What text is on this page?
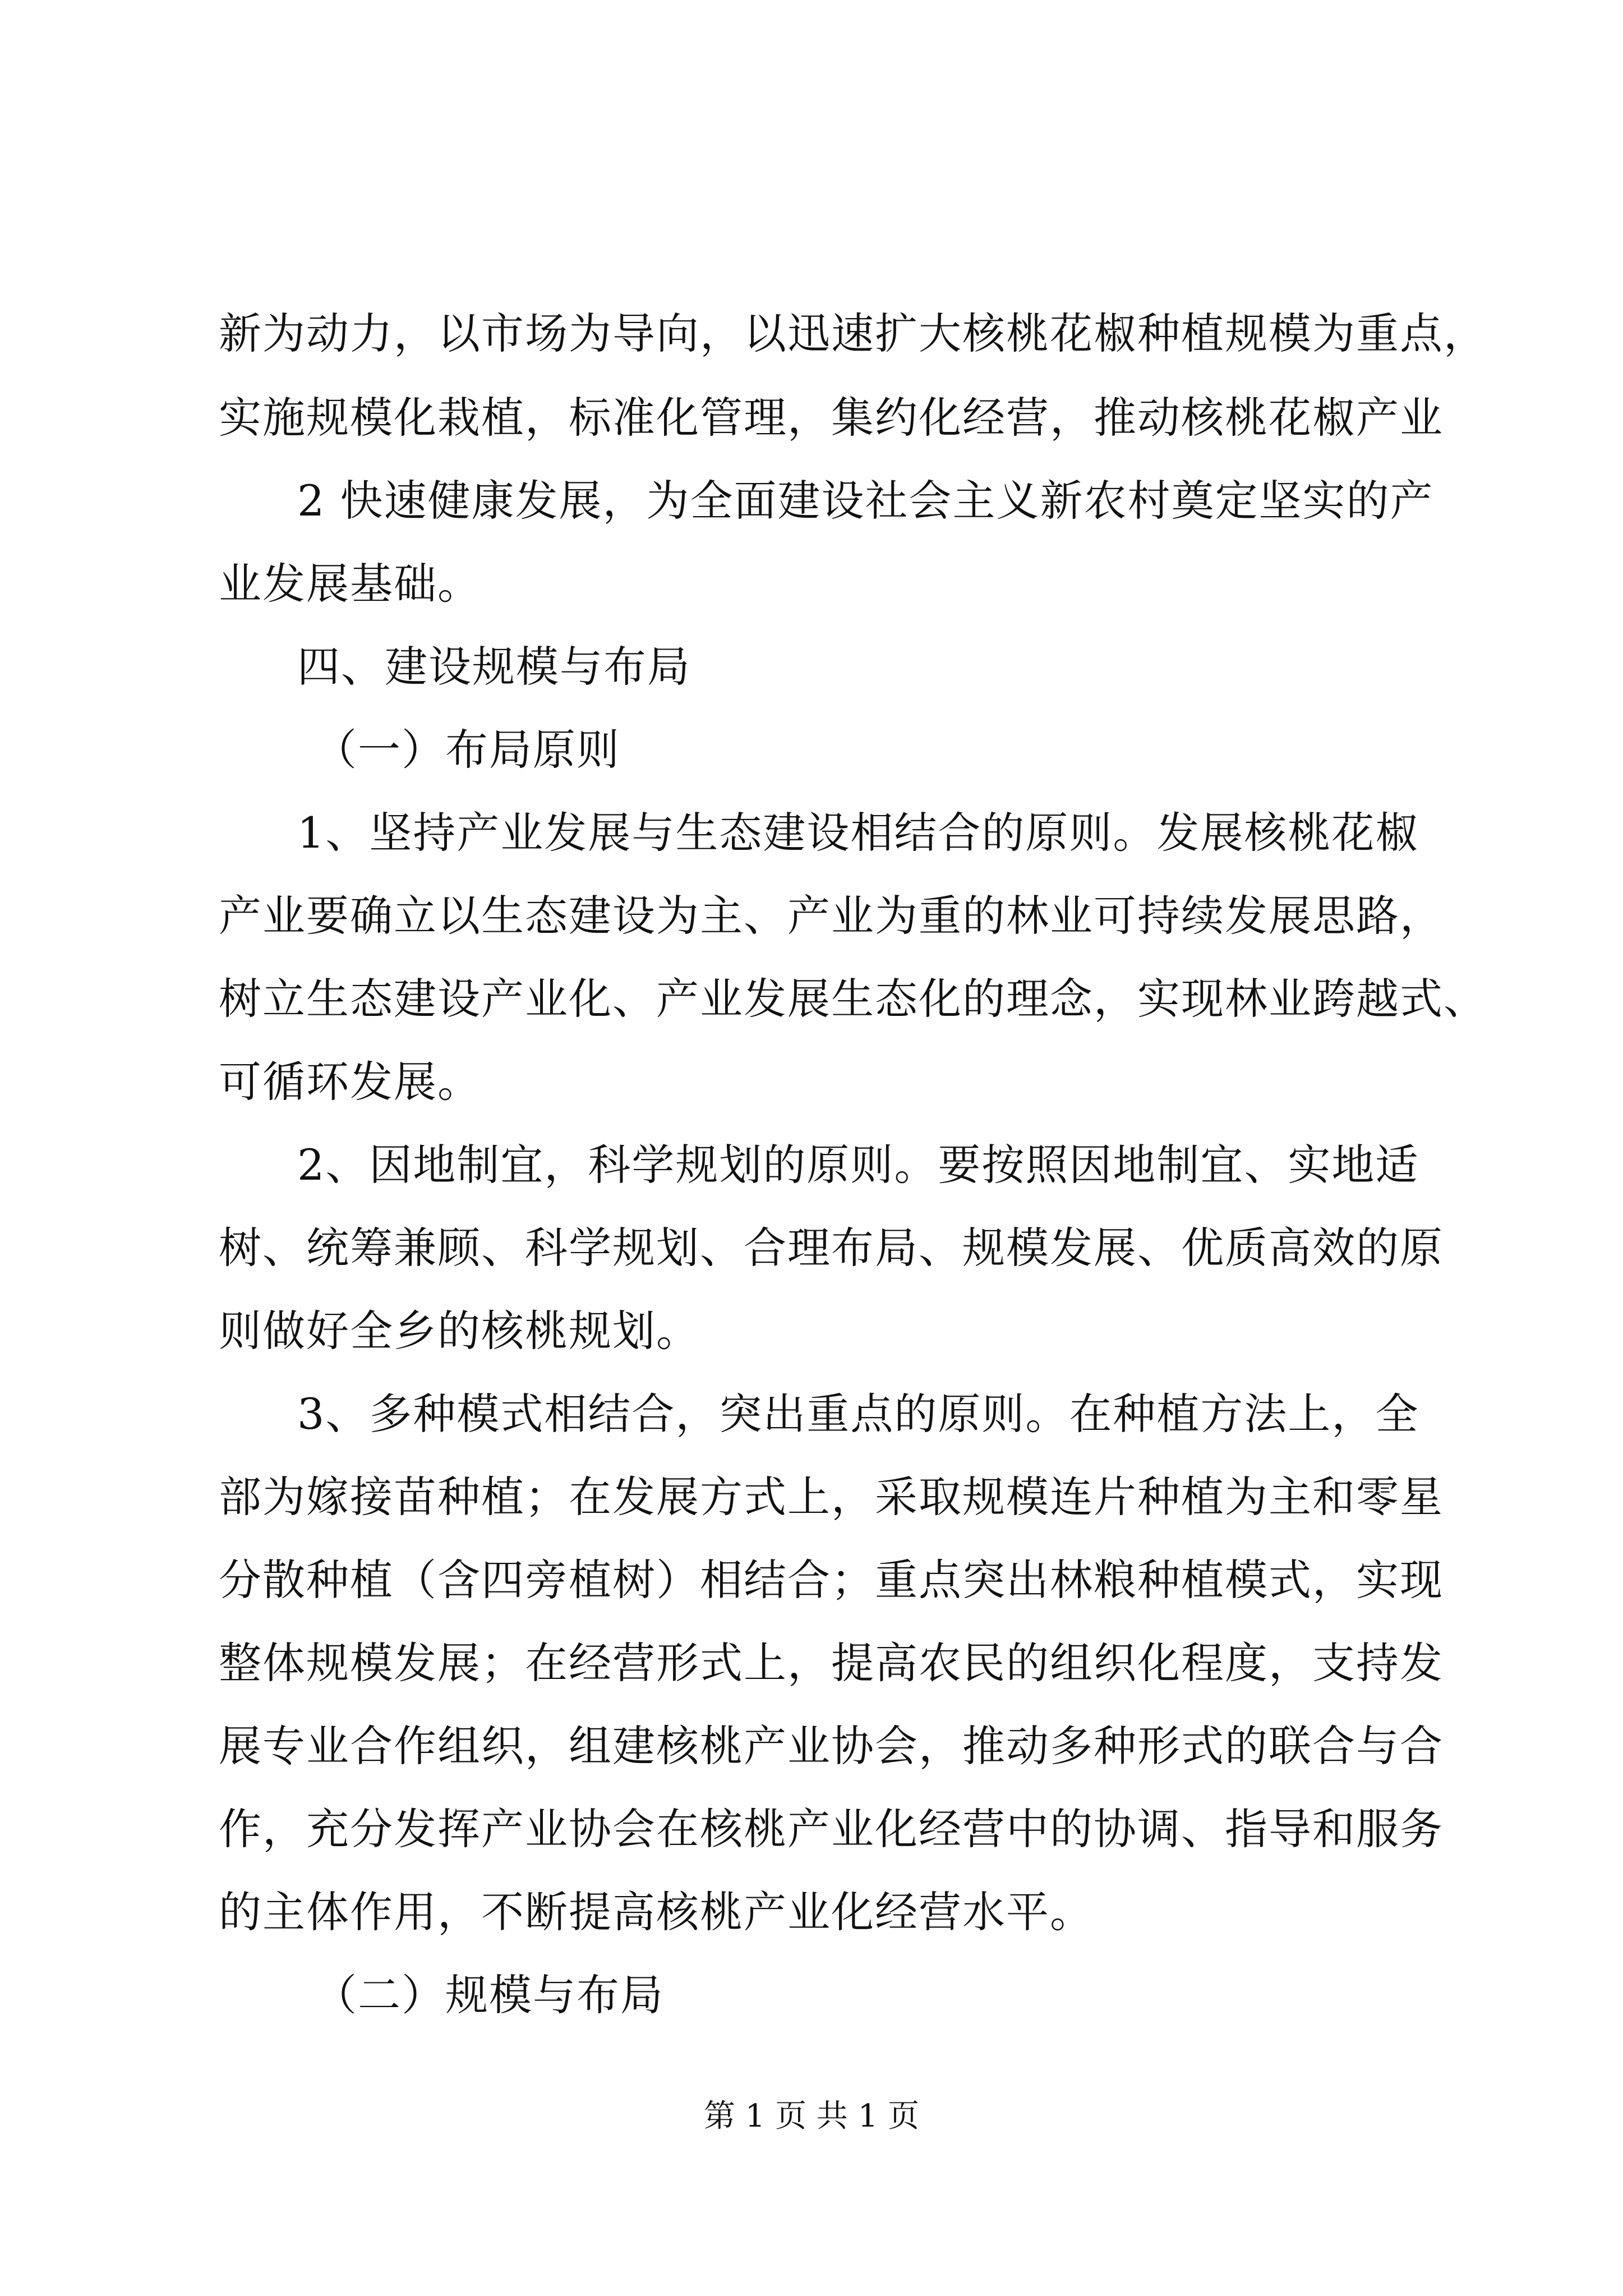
新为动力，以市场为导向，以迅速扩大核桃花椒种植规模为重点，
实施规模化栽植，标准化管理，集约化经营，推动核桃花椒产业
2 快速健康发展，为全面建设社会主义新农村奠定坚实的产
业发展基础。
四、建设规模与布局
（一）布局原则
1、坚持产业发展与生态建设相结合的原则。发展核桃花椒
产业要确立以生态建设为主、产业为重的林业可持续发展思路，
树立生态建设产业化、产业发展生态化的理念，实现林业跨越式、
可循环发展。
2、因地制宜，科学规划的原则。要按照因地制宜、实地适
树、统筹兼顾、科学规划、合理布局、规模发展、优质高效的原
则做好全乡的核桃规划。
3、多种模式相结合，突出重点的原则。在种植方法上，全
部为嫁接苗种植；在发展方式上，采取规模连片种植为主和零星
分散种植（含四旁植树）相结合；重点突出林粮种植模式，实现
整体规模发展；在经营形式上，提高农民的组织化程度，支持发
展专业合作组织，组建核桃产业协会，推动多种形式的联合与合
作，充分发挥产业协会在核桃产业化经营中的协调、指导和服务
的主体作用，不断提高核桃产业化经营水平。
（二）规模与布局
第 1 页 共 1 页
